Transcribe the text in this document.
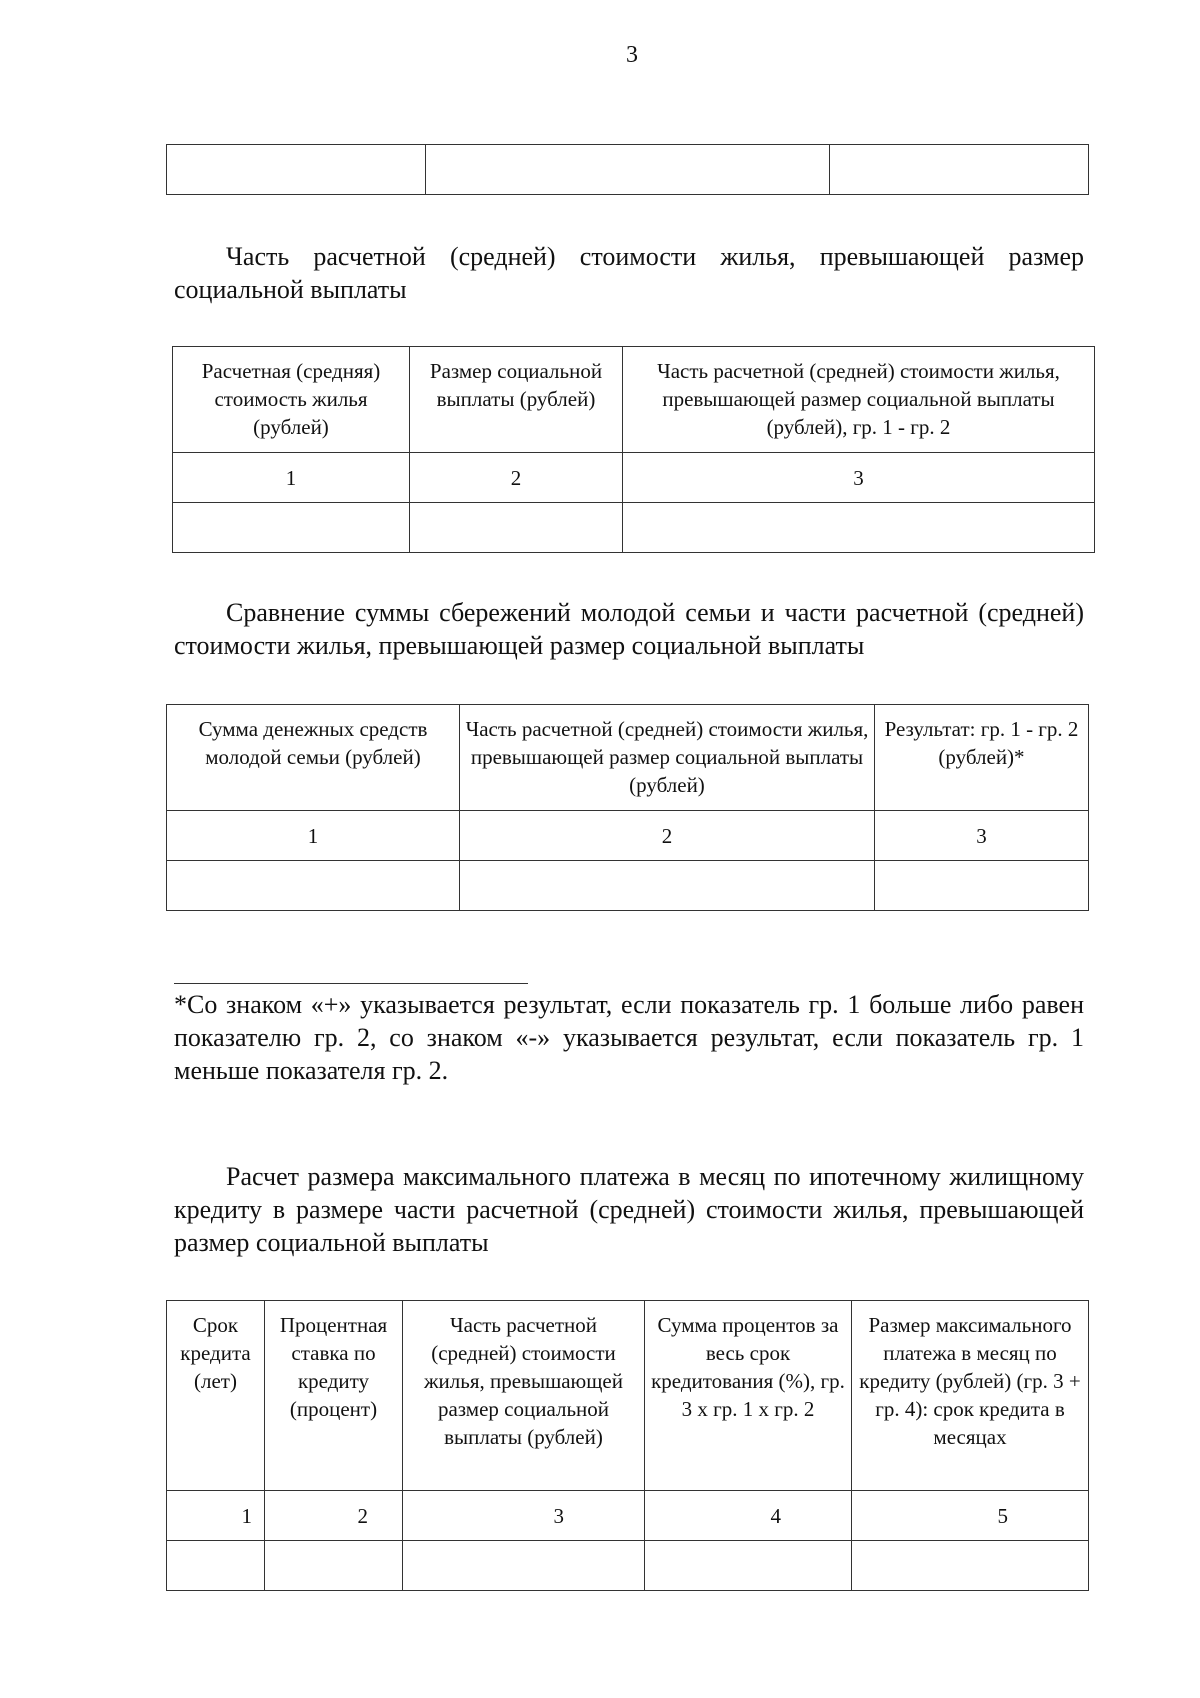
3

Часть расчетной (средней) стоимости жилья, превышающей размер социальной выплаты

Расчетная (средняя) стоимость жилья (рублей)	Размер социальной выплаты (рублей)	Часть расчетной (средней) стоимости жилья, превышающей размер социальной выплаты (рублей), гр. 1 - гр. 2
1	2	3

Сравнение суммы сбережений молодой семьи и части расчетной (средней) стоимости жилья, превышающей размер социальной выплаты

Сумма денежных средств молодой семьи (рублей)	Часть расчетной (средней) стоимости жилья, превышающей размер социальной выплаты (рублей)	Результат: гр. 1 - гр. 2 (рублей)*
1	2	3

*Со знаком «+» указывается результат, если показатель гр. 1 больше либо равен показателю гр. 2, со знаком «-» указывается результат, если показатель гр. 1 меньше показателя гр. 2.

Расчет размера максимального платежа в месяц по ипотечному жилищному кредиту в размере части расчетной (средней) стоимости жилья, превышающей размер социальной выплаты

Срок кредита (лет)	Процентная ставка по кредиту (процент)	Часть расчетной (средней) стоимости жилья, превышающей размер социальной выплаты (рублей)	Сумма процентов за весь срок кредитования (%), гр. 3 х гр. 1 х гр. 2	Размер максимального платежа в месяц по кредиту (рублей) (гр. 3 + гр. 4): срок кредита в месяцах
1	2	3	4	5
